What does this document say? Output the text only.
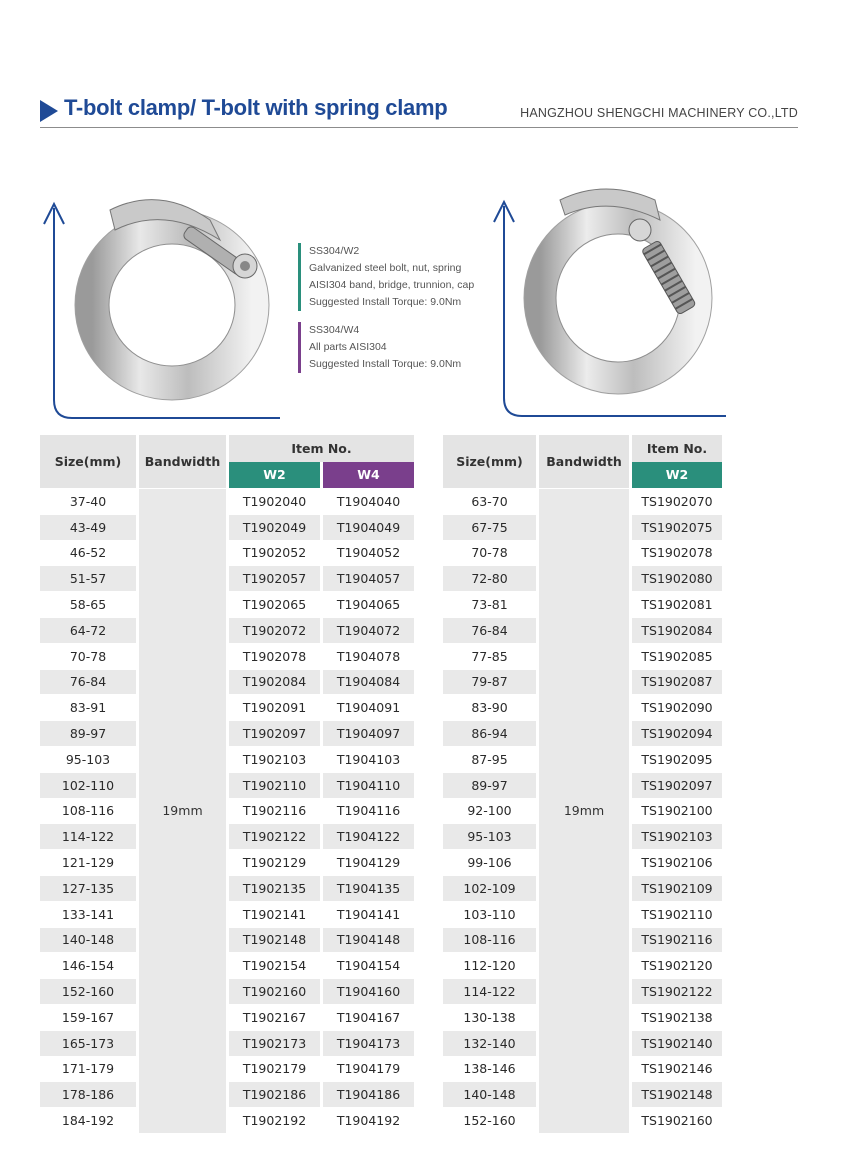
T-bolt clamp/ T-bolt with spring clamp	HANGZHOU SHENGCHI MACHINERY CO.,LTD
SS304/W2
Galvanized steel bolt, nut, spring
AISI304 band, bridge, trunnion, cap
Suggested Install Torque: 9.0Nm
SS304/W4
All parts AISI304
Suggested Install Torque: 9.0Nm
Size(mm)		Bandwidth		Item No.		
				W2		W4
37-40		19mm		T1902040		T1904040
43-49				T1902049		T1904049
46-52				T1902052		T1904052
51-57				T1902057		T1904057
58-65				T1902065		T1904065
64-72				T1902072		T1904072
70-78				T1902078		T1904078
76-84				T1902084		T1904084
83-91				T1902091		T1904091
89-97				T1902097		T1904097
95-103				T1902103		T1904103
102-110				T1902110		T1904110
108-116				T1902116		T1904116
114-122				T1902122		T1904122
121-129				T1902129		T1904129
127-135				T1902135		T1904135
133-141				T1902141		T1904141
140-148				T1902148		T1904148
146-154				T1902154		T1904154
152-160				T1902160		T1904160
159-167				T1902167		T1904167
165-173				T1902173		T1904173
171-179				T1902179		T1904179
178-186				T1902186		T1904186
184-192				T1902192		T1904192
Size(mm)		Bandwidth		Item No.
				W2
63-70		19mm		TS1902070
67-75				TS1902075
70-78				TS1902078
72-80				TS1902080
73-81				TS1902081
76-84				TS1902084
77-85				TS1902085
79-87				TS1902087
83-90				TS1902090
86-94				TS1902094
87-95				TS1902095
89-97				TS1902097
92-100				TS1902100
95-103				TS1902103
99-106				TS1902106
102-109				TS1902109
103-110				TS1902110
108-116				TS1902116
112-120				TS1902120
114-122				TS1902122
130-138				TS1902138
132-140				TS1902140
138-146				TS1902146
140-148				TS1902148
152-160				TS1902160
